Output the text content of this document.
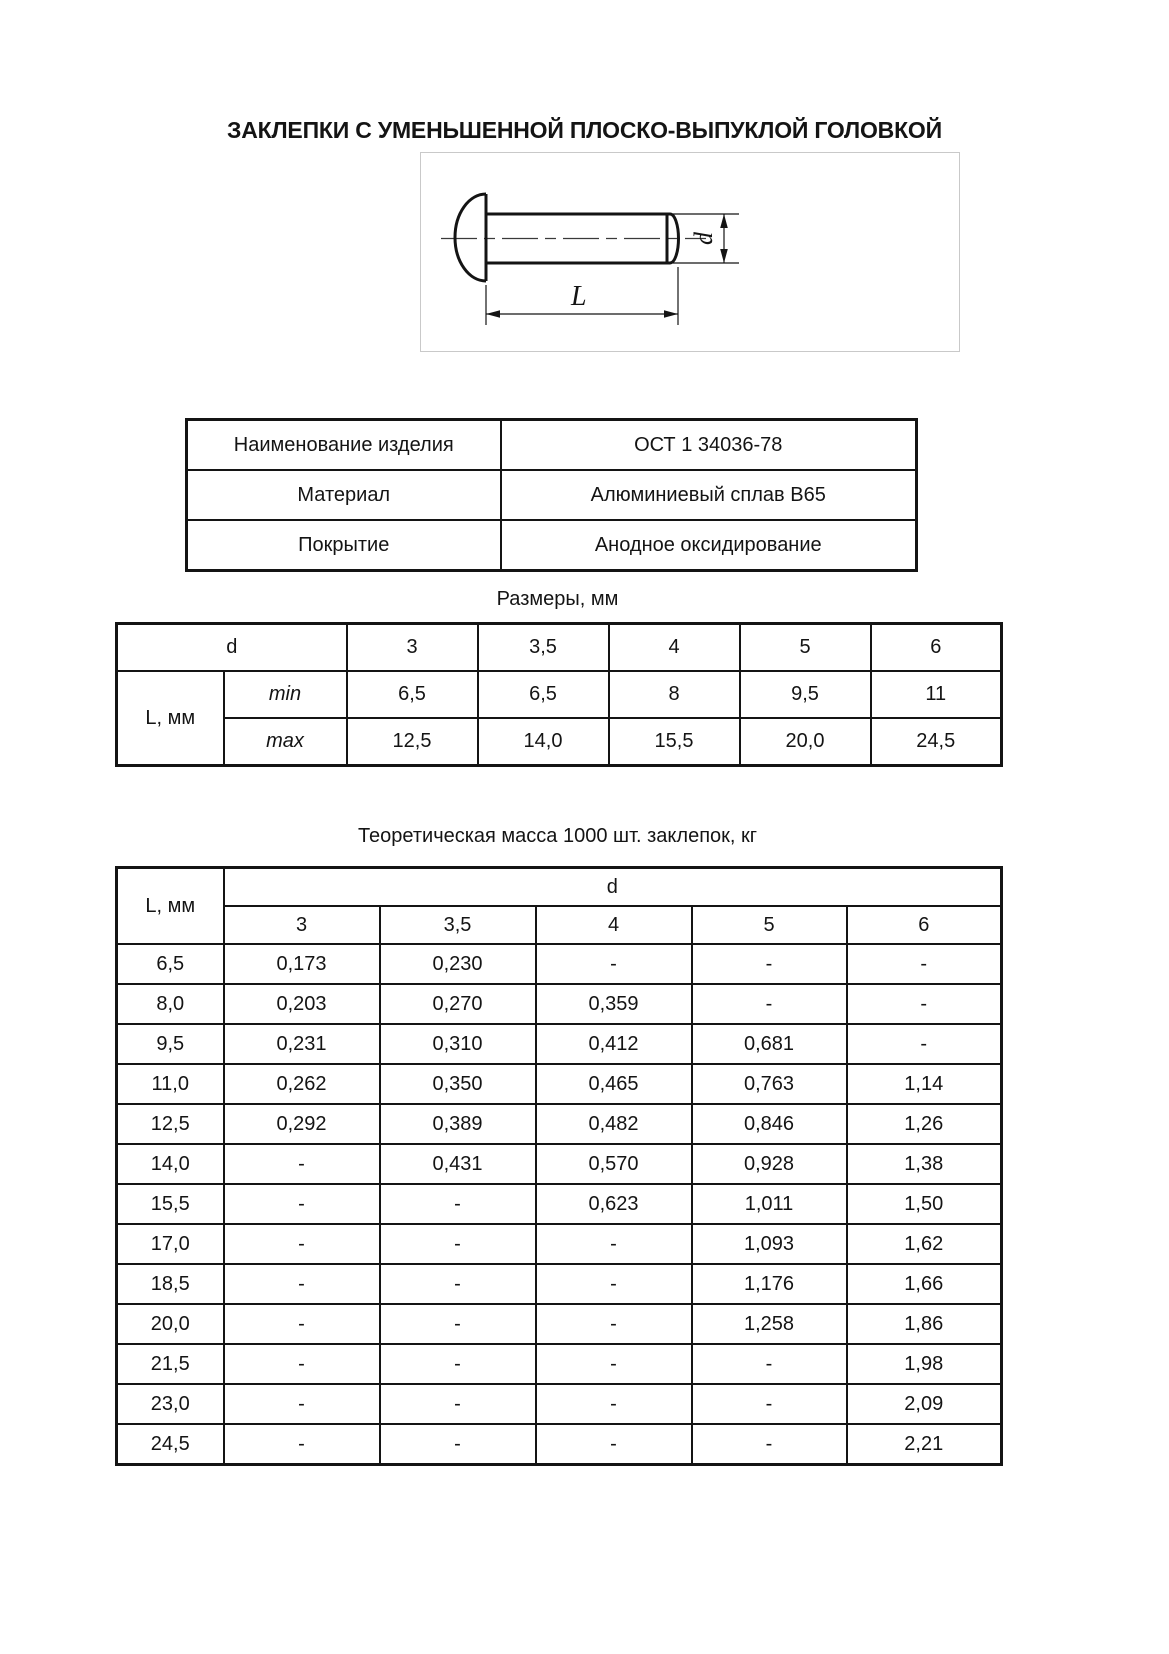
ЗАКЛЕПКИ С УМЕНЬШЕННОЙ ПЛОСКО-ВЫПУКЛОЙ ГОЛОВКОЙ
L
d
Наименование изделия	ОСТ 1 34036-78
Материал	Алюминиевый сплав В65
Покрытие	Анодное оксидирование
Размеры, мм
d		3	3,5	4	5	6
L, мм	min	6,5	6,5	8	9,5	11
	max	12,5	14,0	15,5	20,0	24,5
Теоретическая масса 1000 шт. заклепок, кг
L, мм	d				
	3	3,5	4	5	6
6,5	0,173	0,230	-	-	-
8,0	0,203	0,270	0,359	-	-
9,5	0,231	0,310	0,412	0,681	-
11,0	0,262	0,350	0,465	0,763	1,14
12,5	0,292	0,389	0,482	0,846	1,26
14,0	-	0,431	0,570	0,928	1,38
15,5	-	-	0,623	1,011	1,50
17,0	-	-	-	1,093	1,62
18,5	-	-	-	1,176	1,66
20,0	-	-	-	1,258	1,86
21,5	-	-	-	-	1,98
23,0	-	-	-	-	2,09
24,5	-	-	-	-	2,21
